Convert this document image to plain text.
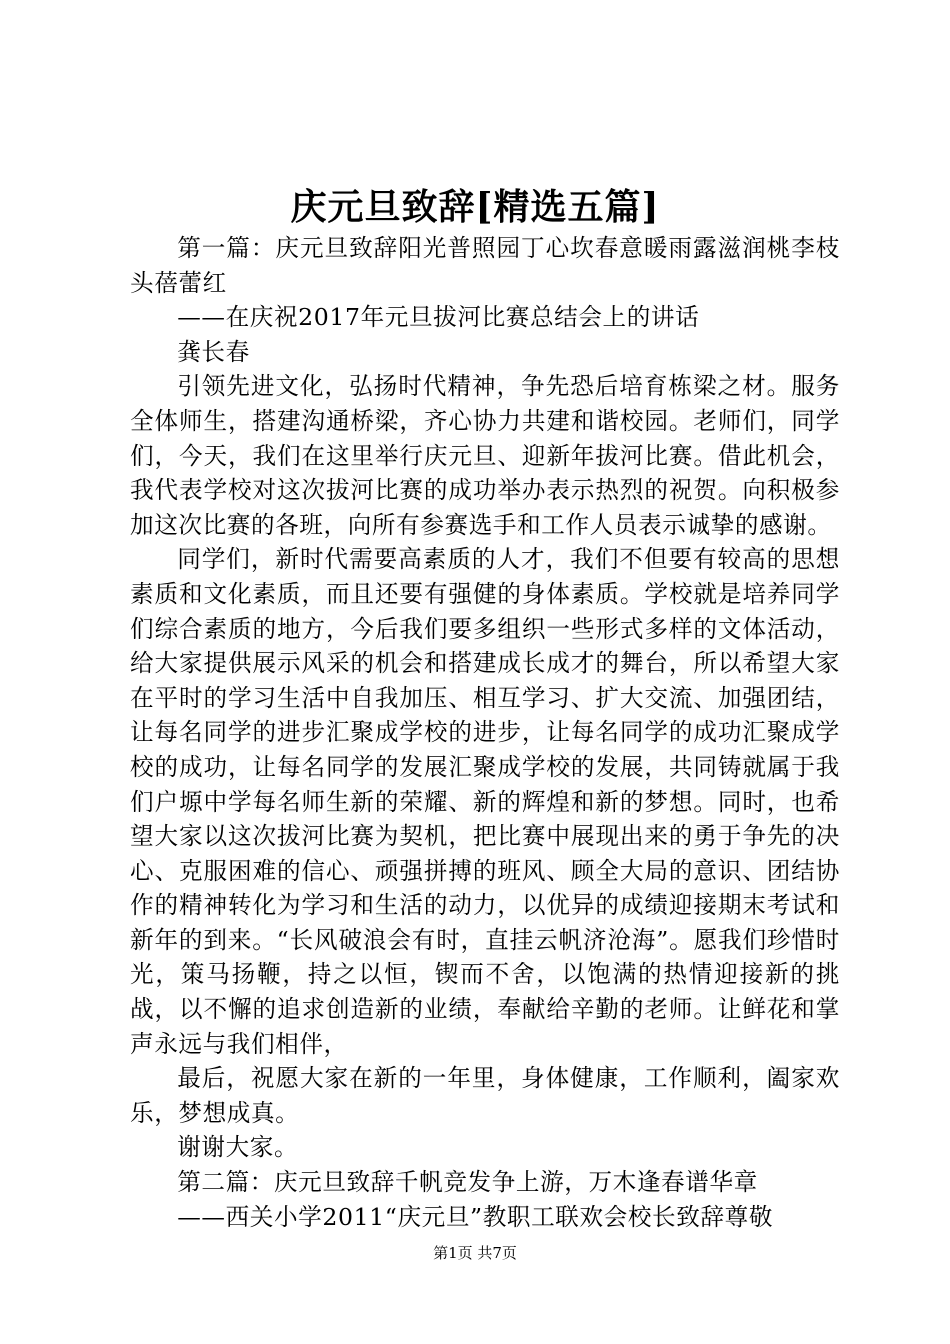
庆元旦致辞[精选五篇]

第一篇：庆元旦致辞阳光普照园丁心坎春意暖雨露滋润桃李枝头蓓蕾红

——在庆祝2017年元旦拔河比赛总结会上的讲话

龚长春

引领先进文化，弘扬时代精神，争先恐后培育栋梁之材。服务全体师生，搭建沟通桥梁，齐心协力共建和谐校园。老师们，同学们，今天，我们在这里举行庆元旦、迎新年拔河比赛。借此机会，我代表学校对这次拔河比赛的成功举办表示热烈的祝贺。向积极参加这次比赛的各班，向所有参赛选手和工作人员表示诚挚的感谢。

同学们，新时代需要高素质的人才，我们不但要有较高的思想素质和文化素质，而且还要有强健的身体素质。学校就是培养同学们综合素质的地方，今后我们要多组织一些形式多样的文体活动，给大家提供展示风采的机会和搭建成长成才的舞台，所以希望大家在平时的学习生活中自我加压、相互学习、扩大交流、加强团结，让每名同学的进步汇聚成学校的进步，让每名同学的成功汇聚成学校的成功，让每名同学的发展汇聚成学校的发展，共同铸就属于我们户塬中学每名师生新的荣耀、新的辉煌和新的梦想。同时，也希望大家以这次拔河比赛为契机，把比赛中展现出来的勇于争先的决心、克服困难的信心、顽强拼搏的班风、顾全大局的意识、团结协作的精神转化为学习和生活的动力，以优异的成绩迎接期末考试和新年的到来。“长风破浪会有时，直挂云帆济沧海”。愿我们珍惜时光，策马扬鞭，持之以恒，锲而不舍，以饱满的热情迎接新的挑战，以不懈的追求创造新的业绩，奉献给辛勤的老师。让鲜花和掌声永远与我们相伴，

最后，祝愿大家在新的一年里，身体健康，工作顺利，阖家欢乐，梦想成真。

谢谢大家。

第二篇：庆元旦致辞千帆竞发争上游，万木逢春谱华章

——西关小学2011“庆元旦”教职工联欢会校长致辞尊敬

第1页 共7页
